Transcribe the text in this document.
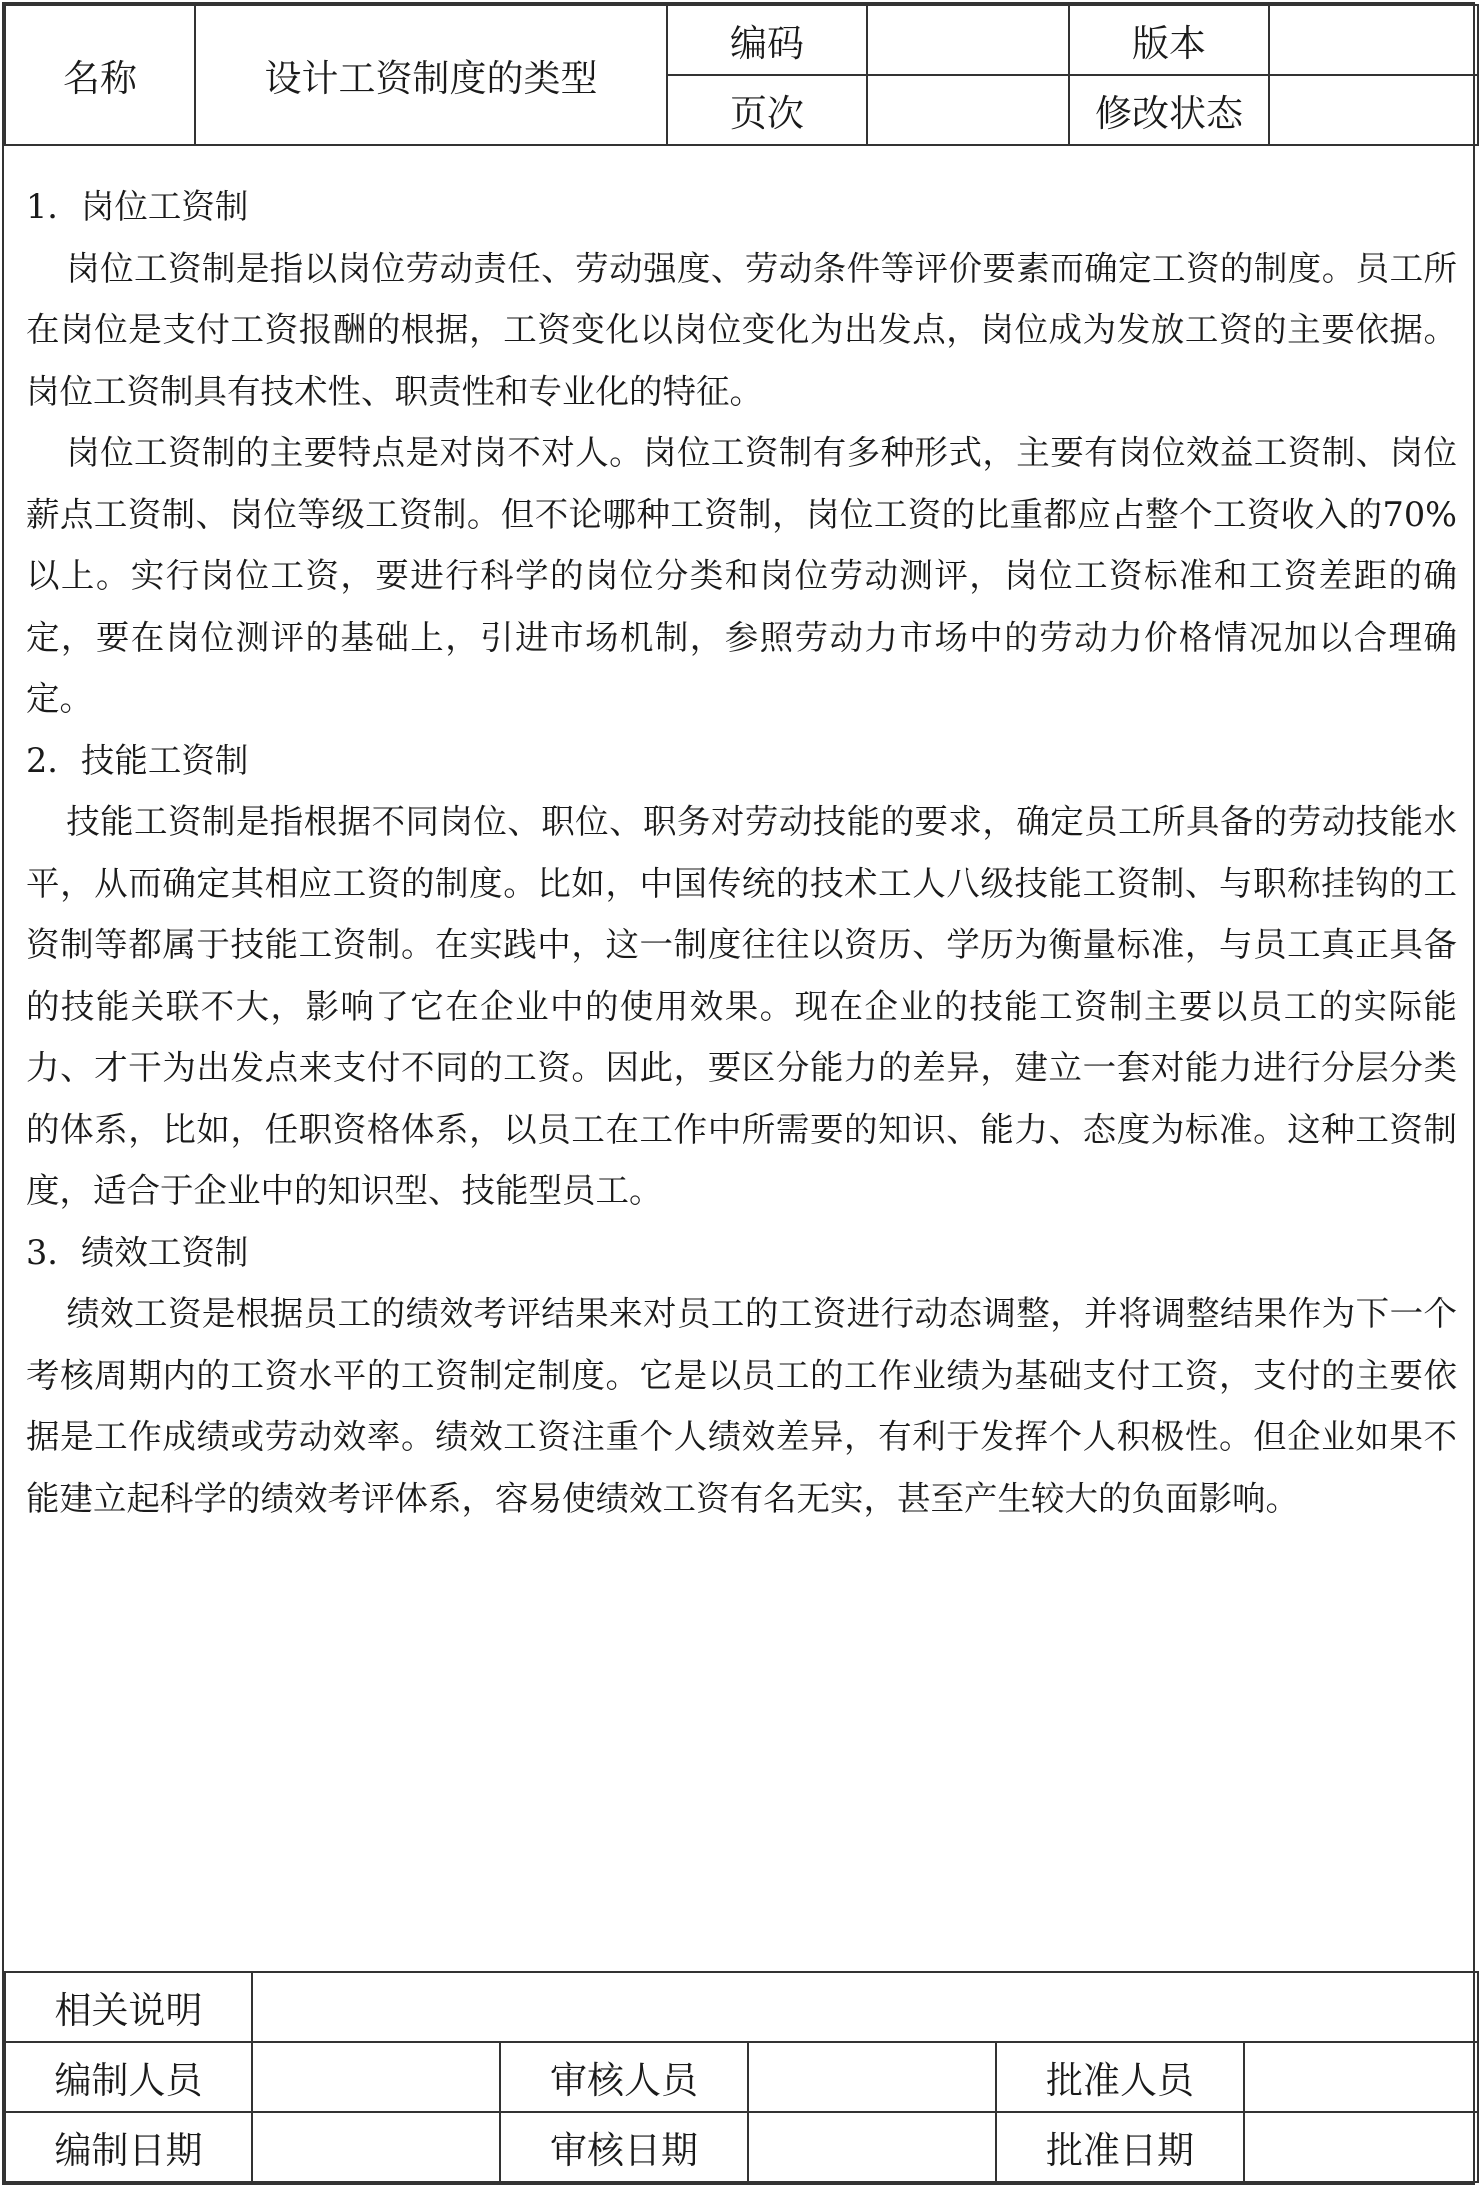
名称	设计工资制度的类型	编码		版本	
		页次		修改状态	
1．岗位工资制

岗位工资制是指以岗位劳动责任、劳动强度、劳动条件等评价要素而确定工资的制度。员工所在岗位是支付工资报酬的根据，工资变化以岗位变化为出发点，岗位成为发放工资的主要依据。岗位工资制具有技术性、职责性和专业化的特征。

岗位工资制的主要特点是对岗不对人。岗位工资制有多种形式，主要有岗位效益工资制、岗位薪点工资制、岗位等级工资制。但不论哪种工资制，岗位工资的比重都应占整个工资收入的70%以上。实行岗位工资，要进行科学的岗位分类和岗位劳动测评，岗位工资标准和工资差距的确定，要在岗位测评的基础上，引进市场机制，参照劳动力市场中的劳动力价格情况加以合理确定。

2．技能工资制

技能工资制是指根据不同岗位、职位、职务对劳动技能的要求，确定员工所具备的劳动技能水平，从而确定其相应工资的制度。比如，中国传统的技术工人八级技能工资制、与职称挂钩的工资制等都属于技能工资制。在实践中，这一制度往往以资历、学历为衡量标准，与员工真正具备的技能关联不大，影响了它在企业中的使用效果。现在企业的技能工资制主要以员工的实际能力、才干为出发点来支付不同的工资。因此，要区分能力的差异，建立一套对能力进行分层分类的体系，比如，任职资格体系，以员工在工作中所需要的知识、能力、态度为标准。这种工资制度，适合于企业中的知识型、技能型员工。

3．绩效工资制

绩效工资是根据员工的绩效考评结果来对员工的工资进行动态调整，并将调整结果作为下一个考核周期内的工资水平的工资制定制度。它是以员工的工作业绩为基础支付工资，支付的主要依据是工作成绩或劳动效率。绩效工资注重个人绩效差异，有利于发挥个人积极性。但企业如果不能建立起科学的绩效考评体系，容易使绩效工资有名无实，甚至产生较大的负面影响。

相关说明					
编制人员		审核人员		批准人员	
编制日期		审核日期		批准日期	
